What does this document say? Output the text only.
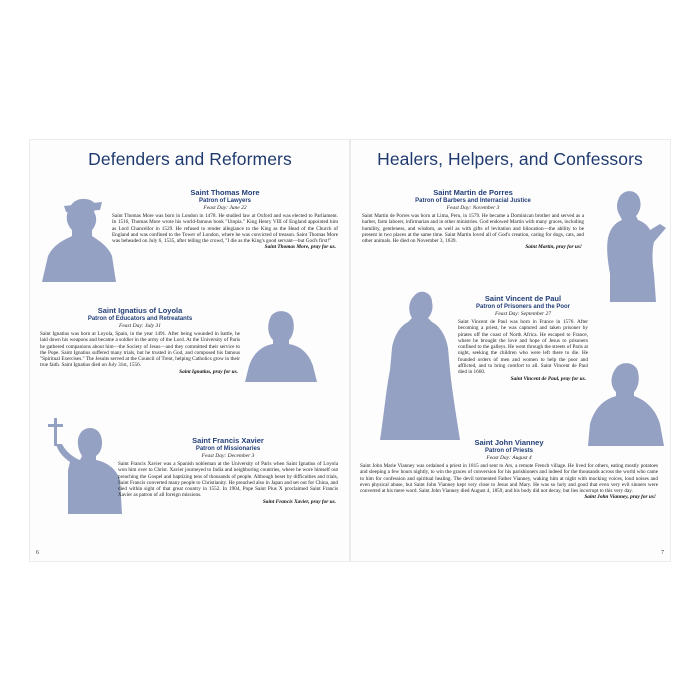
Defenders and Reformers
Saint Thomas More
Patron of Lawyers
Feast Day: June 22
Saint Thomas More was born in London in 1478. He studied law at Oxford and was elected to Parliament. In 1516, Thomas More wrote his world-famous book "Utopia." King Henry VIII of England appointed him as Lord Chancellor in 1529. He refused to render allegiance to the King as the Head of the Church of England and was confined to the Tower of London, where he was convicted of treason. Saint Thomas More was beheaded on July 6, 1535, after telling the crowd, "I die as the King's good servant—but God's first!"
Saint Thomas More, pray for us.
Saint Ignatius of Loyola
Patron of Educators and Retreatants
Feast Day: July 31
Saint Ignatius was born at Loyola, Spain, in the year 1491. After being wounded in battle, he laid down his weapons and became a soldier in the army of the Lord. At the University of Paris he gathered companions about him—the Society of Jesus—and they committed their service to the Pope. Saint Ignatius suffered many trials, but he trusted in God, and composed his famous "Spiritual Exercises." The Jesuits served at the Council of Trent, helping Catholics grow in their true faith. Saint Ignatius died on July 31st, 1556.
Saint Ignatius, pray for us.
Saint Francis Xavier
Patron of Missionaries
Feast Day: December 3
Saint Francis Xavier was a Spanish nobleman at the University of Paris when Saint Ignatius of Loyola won him over to Christ. Xavier journeyed to India and neighboring countries, where he wore himself out preaching the Gospel and baptizing tens of thousands of people. Although beset by difficulties and trials, Saint Francis converted many people to Christianity. He preached also in Japan and set out for China, and died within sight of that great country in 1552. In 1904, Pope Saint Pius X proclaimed Saint Francis Xavier as patron of all foreign missions.
Saint Francis Xavier, pray for us.
6
Healers, Helpers, and Confessors
Saint Martin de Porres
Patron of Barbers and Interracial Justice
Feast Day: November 3
Saint Martin de Porres was born at Lima, Peru, in 1579. He became a Dominican brother and served as a barber, farm laborer, infirmarian and in other ministries. God endowed Martin with many graces, including humility, gentleness, and wisdom, as well as with gifts of levitation and bilocation—the ability to be present in two places at the same time. Saint Martin loved all of God's creation, caring for dogs, cats, and other animals. He died on November 3, 1639.
Saint Martin, pray for us!
Saint Vincent de Paul
Patron of Prisoners and the Poor
Feast Day: September 27
Saint Vincent de Paul was born in France in 1576. After becoming a priest, he was captured and taken prisoner by pirates off the coast of North Africa. He escaped to France, where he brought the love and hope of Jesus to prisoners confined to the galleys. He went through the streets of Paris at night, seeking the children who were left there to die. He founded orders of men and women to help the poor and afflicted, and to bring comfort to all. Saint Vincent de Paul died in 1660.
Saint Vincent de Paul, pray for us.
Saint John Vianney
Patron of Priests
Feast Day: August 4
Saint John Marie Vianney was ordained a priest in 1815 and sent to Ars, a remote French village. He lived for others, eating mostly potatoes and sleeping a few hours nightly, to win the graces of conversion for his parishioners and indeed for the thousands across the world who came to him for confession and spiritual healing. The devil tormented Father Vianney, waking him at night with mocking voices, loud noises and even physical abuse, but Saint John Vianney kept very close to Jesus and Mary. He was so holy and good that even very evil sinners were converted at his mere word. Saint John Vianney died August 4, 1859, and his body did not decay, but lies incorrupt to this very day.
Saint John Vianney, pray for us!
7
